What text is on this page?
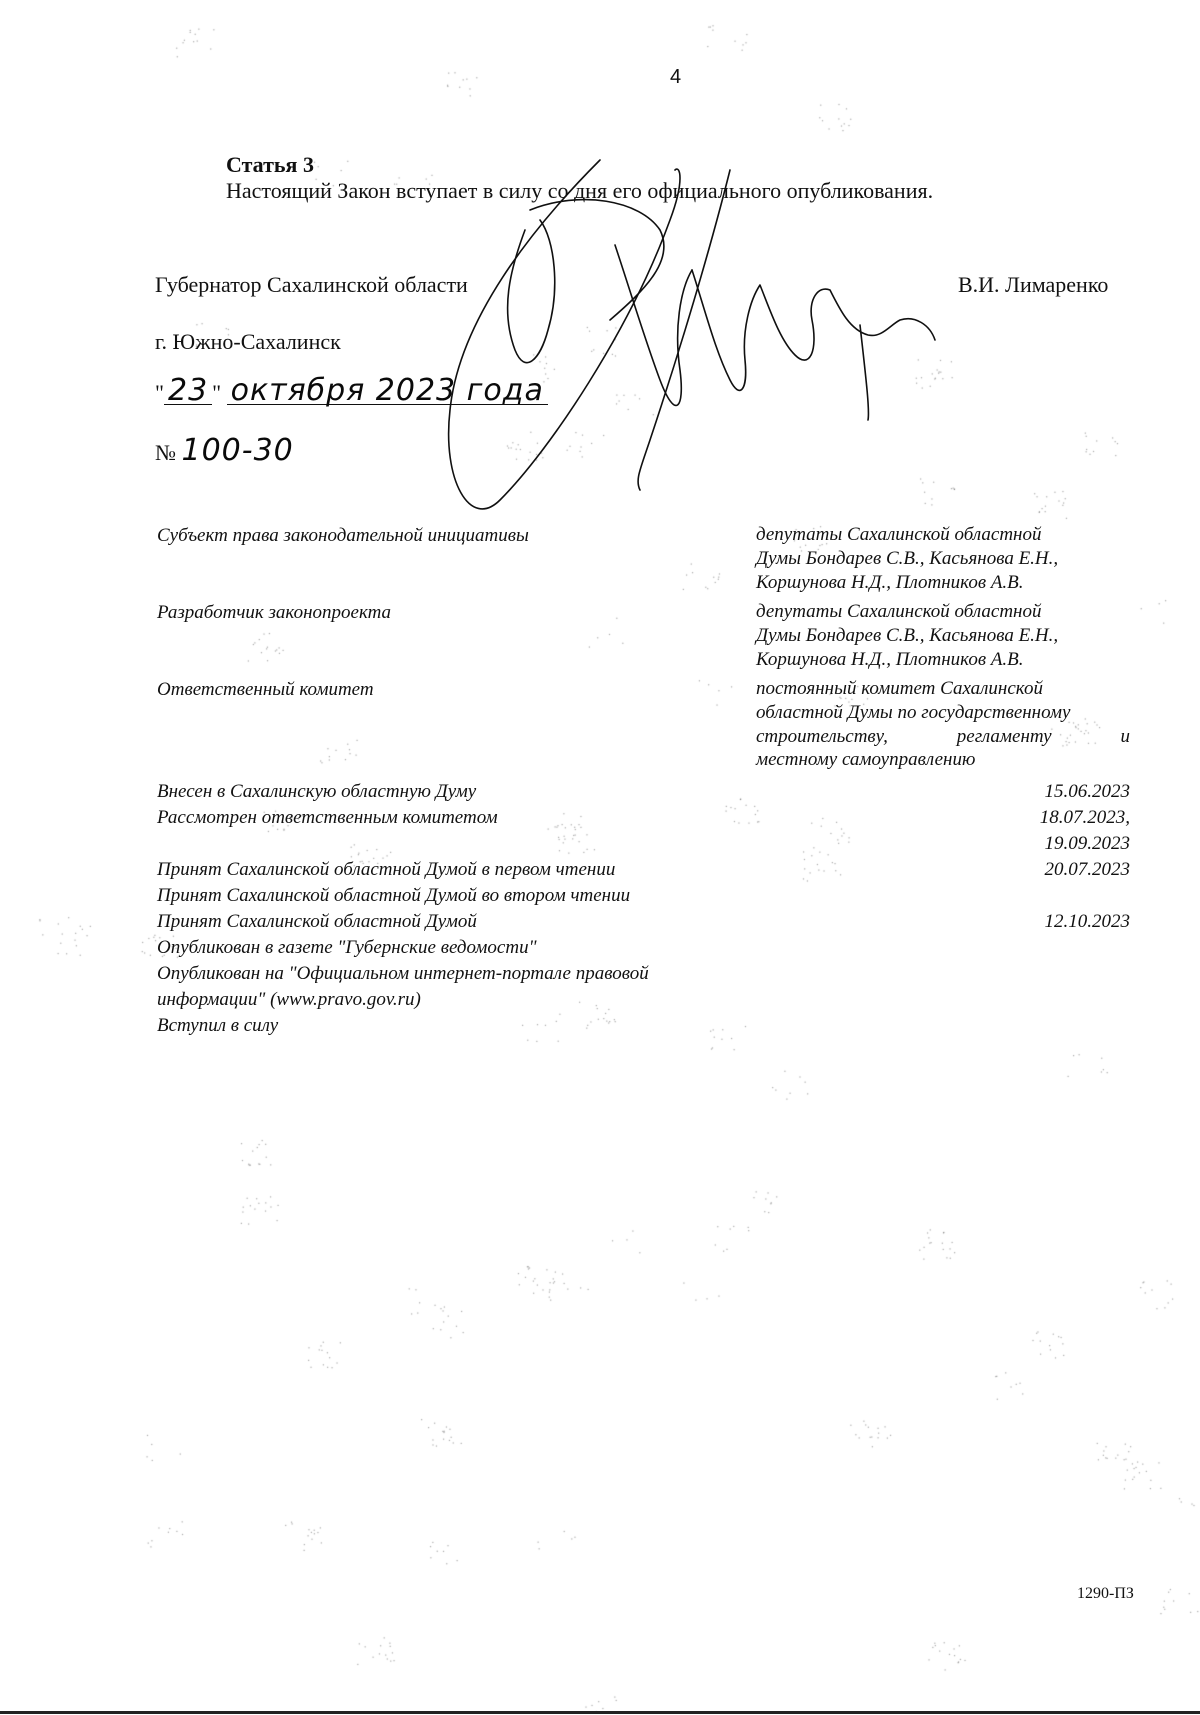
4
Статья 3
Настоящий Закон вступает в силу со дня его официального опубликования.
Губернатор Сахалинской области	В.И. Лимаренко
г. Южно-Сахалинск
" 23 " октября 2023 года
№ 100-30
Субъект права законодательной инициативы	депутаты Сахалинской областной
Думы Бондарев С.В., Касьянова Е.Н.,
Коршунова Н.Д., Плотников А.В.
Разработчик законопроекта	депутаты Сахалинской областной
Думы Бондарев С.В., Касьянова Е.Н.,
Коршунова Н.Д., Плотников А.В.
Ответственный комитет	постоянный комитет Сахалинской
областной Думы по государственному
строительству, регламенту и
местному самоуправлению
Внесен в Сахалинскую областную Думу	15.06.2023
Рассмотрен ответственным комитетом	18.07.2023,
19.09.2023
Принят Сахалинской областной Думой в первом чтении	20.07.2023
Принят Сахалинской областной Думой во втором чтении
Принят Сахалинской областной Думой	12.10.2023
Опубликован в газете "Губернские ведомости"
Опубликован на "Официальном интернет-портале правовой
информации" (www.pravo.gov.ru)
Вступил в силу
1290-ПЗ
